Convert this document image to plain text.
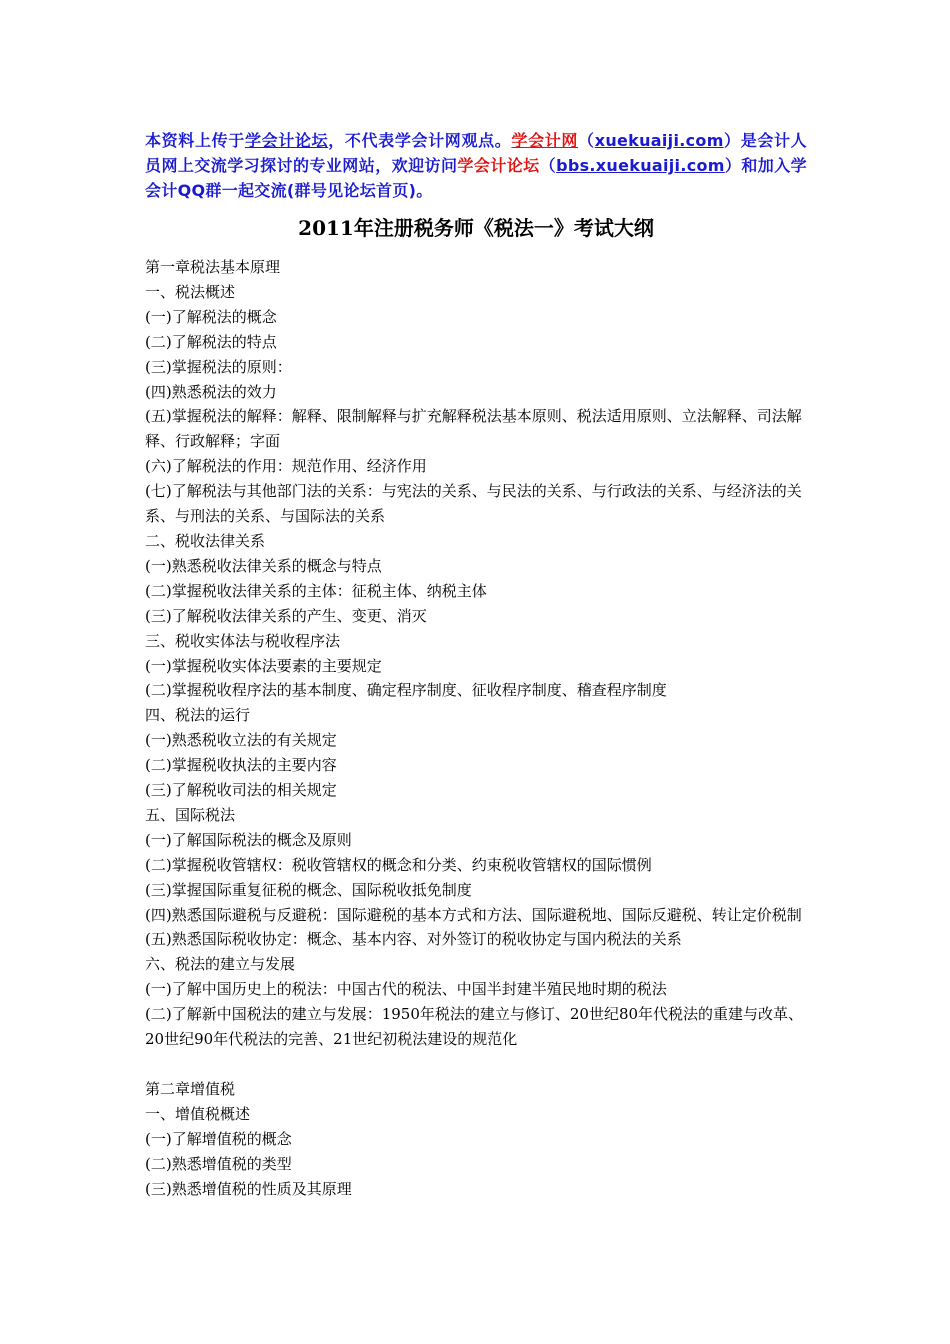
本资料上传于学会计论坛，不代表学会计网观点。学会计网（xuekuaiji.com）是会计人员网上交流学习探讨的专业网站，欢迎访问学会计论坛（bbs.xuekuaiji.com）和加入学会计QQ群一起交流(群号见论坛首页)。
2011年注册税务师《税法一》考试大纲
第一章税法基本原理
一、税法概述
(一)了解税法的概念
(二)了解税法的特点
(三)掌握税法的原则：
(四)熟悉税法的效力
(五)掌握税法的解释：解释、限制解释与扩充解释税法基本原则、税法适用原则、立法解释、司法解释、行政解释；字面
(六)了解税法的作用：规范作用、经济作用
(七)了解税法与其他部门法的关系：与宪法的关系、与民法的关系、与行政法的关系、与经济法的关系、与刑法的关系、与国际法的关系
二、税收法律关系
(一)熟悉税收法律关系的概念与特点
(二)掌握税收法律关系的主体：征税主体、纳税主体
(三)了解税收法律关系的产生、变更、消灭
三、税收实体法与税收程序法
(一)掌握税收实体法要素的主要规定
(二)掌握税收程序法的基本制度、确定程序制度、征收程序制度、稽查程序制度
四、税法的运行
(一)熟悉税收立法的有关规定
(二)掌握税收执法的主要内容
(三)了解税收司法的相关规定
五、国际税法
(一)了解国际税法的概念及原则
(二)掌握税收管辖权：税收管辖权的概念和分类、约束税收管辖权的国际惯例
(三)掌握国际重复征税的概念、国际税收抵免制度
(四)熟悉国际避税与反避税：国际避税的基本方式和方法、国际避税地、国际反避税、转让定价税制
(五)熟悉国际税收协定：概念、基本内容、对外签订的税收协定与国内税法的关系
六、税法的建立与发展
(一)了解中国历史上的税法：中国古代的税法、中国半封建半殖民地时期的税法
(二)了解新中国税法的建立与发展：1950年税法的建立与修订、20世纪80年代税法的重建与改革、20世纪90年代税法的完善、21世纪初税法建设的规范化
第二章增值税
一、增值税概述
(一)了解增值税的概念
(二)熟悉增值税的类型
(三)熟悉增值税的性质及其原理
